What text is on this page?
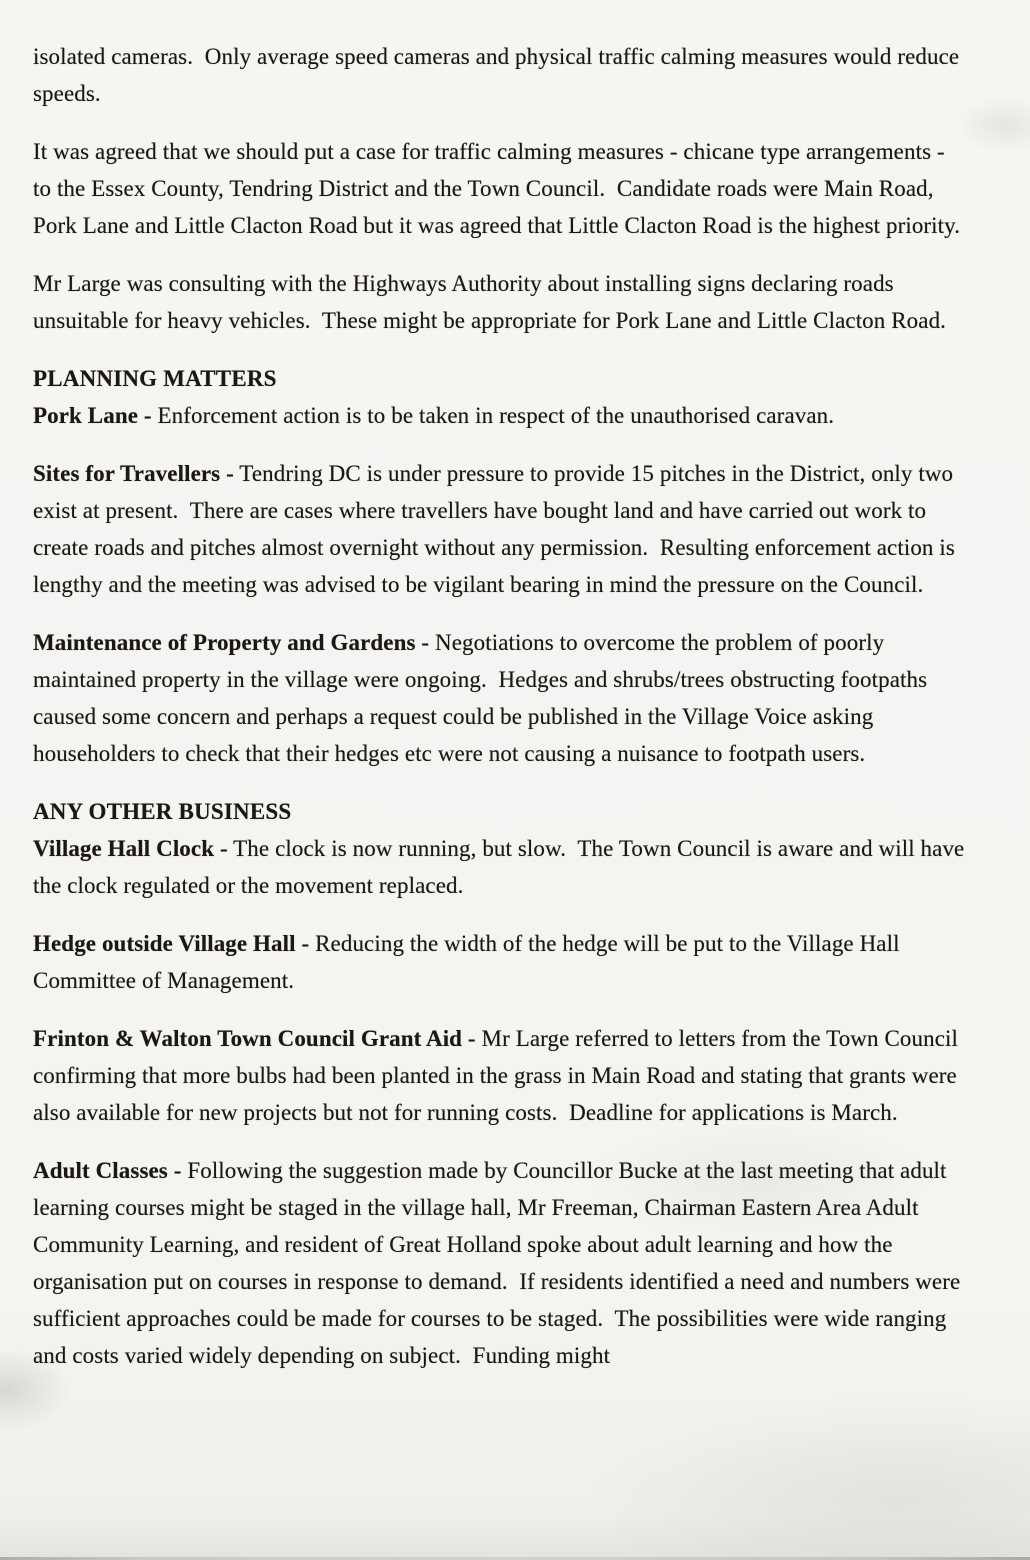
isolated cameras.  Only average speed cameras and physical traffic calming measures would reduce speeds.

It was agreed that we should put a case for traffic calming measures - chicane type arrangements - to the Essex County, Tendring District and the Town Council.  Candidate roads were Main Road, Pork Lane and Little Clacton Road but it was agreed that Little Clacton Road is the highest priority.

Mr Large was consulting with the Highways Authority about installing signs declaring roads unsuitable for heavy vehicles.  These might be appropriate for Pork Lane and Little Clacton Road.

PLANNING MATTERS

Pork Lane - Enforcement action is to be taken in respect of the unauthorised caravan.

Sites for Travellers - Tendring DC is under pressure to provide 15 pitches in the District, only two exist at present.  There are cases where travellers have bought land and have carried out work to create roads and pitches almost overnight without any permission.  Resulting enforcement action is lengthy and the meeting was advised to be vigilant bearing in mind the pressure on the Council.

Maintenance of Property and Gardens - Negotiations to overcome the problem of poorly maintained property in the village were ongoing.  Hedges and shrubs/trees obstructing footpaths caused some concern and perhaps a request could be published in the Village Voice asking householders to check that their hedges etc were not causing a nuisance to footpath users.

ANY OTHER BUSINESS

Village Hall Clock - The clock is now running, but slow.  The Town Council is aware and will have the clock regulated or the movement replaced.

Hedge outside Village Hall - Reducing the width of the hedge will be put to the Village Hall Committee of Management.

Frinton & Walton Town Council Grant Aid - Mr Large referred to letters from the Town Council confirming that more bulbs had been planted in the grass in Main Road and stating that grants were also available for new projects but not for running costs.  Deadline for applications is March.

Adult Classes - Following the suggestion made by Councillor Bucke at the last meeting that adult learning courses might be staged in the village hall, Mr Freeman, Chairman Eastern Area Adult Community Learning, and resident of Great Holland spoke about adult learning and how the organisation put on courses in response to demand.  If residents identified a need and numbers were sufficient approaches could be made for courses to be staged.  The possibilities were wide ranging and costs varied widely depending on subject.  Funding might
